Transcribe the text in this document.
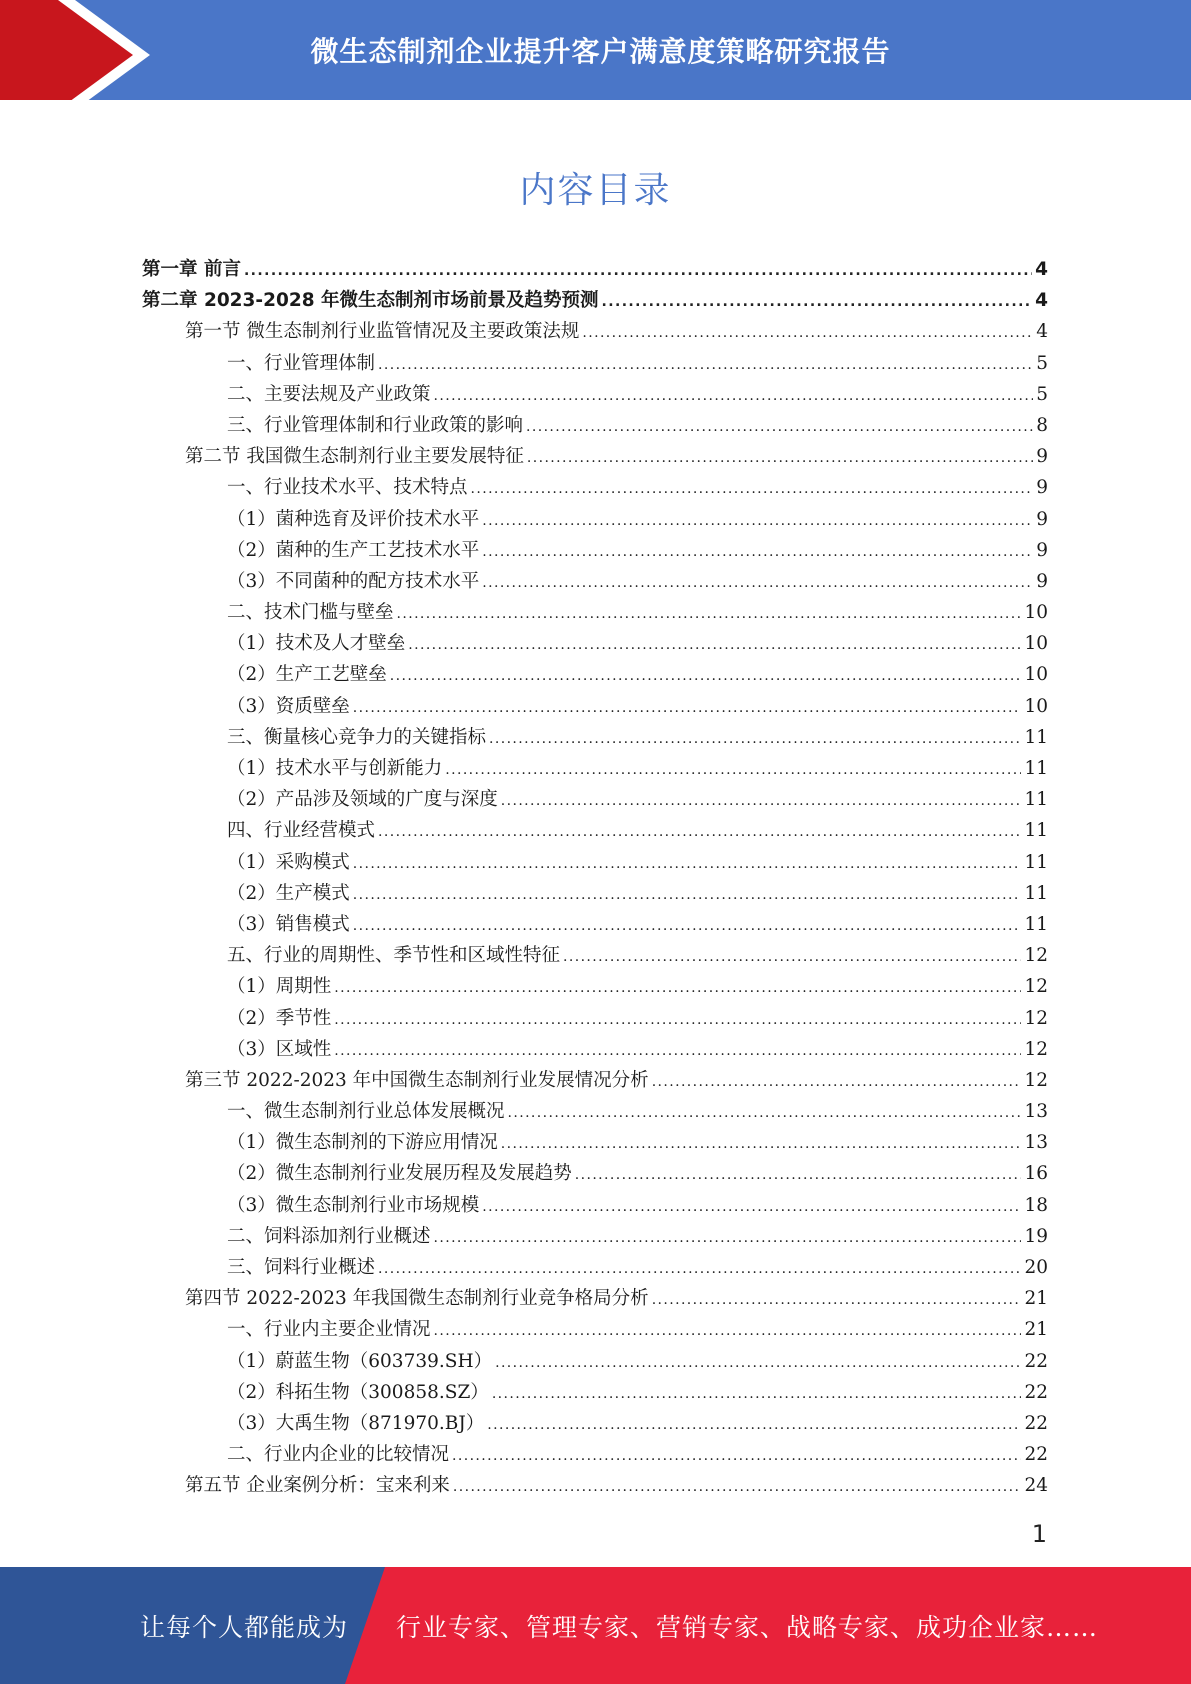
微生态制剂企业提升客户满意度策略研究报告
内容目录
第一章 前言 .....	4
第二章 2023-2028 年微生态制剂市场前景及趋势预测 .....	4
第一节 微生态制剂行业监管情况及主要政策法规 .....	4
一、行业管理体制 .....	5
二、主要法规及产业政策 .....	5
三、行业管理体制和行业政策的影响 .....	8
第二节 我国微生态制剂行业主要发展特征 .....	9
一、行业技术水平、技术特点 .....	9
（1）菌种选育及评价技术水平 .....	9
（2）菌种的生产工艺技术水平 .....	9
（3）不同菌种的配方技术水平 .....	9
二、技术门槛与壁垒 .....	10
（1）技术及人才壁垒 .....	10
（2）生产工艺壁垒 .....	10
（3）资质壁垒 .....	10
三、衡量核心竞争力的关键指标 .....	11
（1）技术水平与创新能力 .....	11
（2）产品涉及领域的广度与深度 .....	11
四、行业经营模式 .....	11
（1）采购模式 .....	11
（2）生产模式 .....	11
（3）销售模式 .....	11
五、行业的周期性、季节性和区域性特征 .....	12
（1）周期性 .....	12
（2）季节性 .....	12
（3）区域性 .....	12
第三节 2022-2023 年中国微生态制剂行业发展情况分析 .....	12
一、微生态制剂行业总体发展概况 .....	13
（1）微生态制剂的下游应用情况 .....	13
（2）微生态制剂行业发展历程及发展趋势 .....	16
（3）微生态制剂行业市场规模 .....	18
二、饲料添加剂行业概述 .....	19
三、饲料行业概述 .....	20
第四节 2022-2023 年我国微生态制剂行业竞争格局分析 .....	21
一、行业内主要企业情况 .....	21
（1）蔚蓝生物（603739.SH） .....	22
（2）科拓生物（300858.SZ） .....	22
（3）大禹生物（871970.BJ） .....	22
二、行业内企业的比较情况 .....	22
第五节 企业案例分析：宝来利来 .....	24
1
让每个人都能成为 行业专家、管理专家、营销专家、战略专家、成功企业家……
